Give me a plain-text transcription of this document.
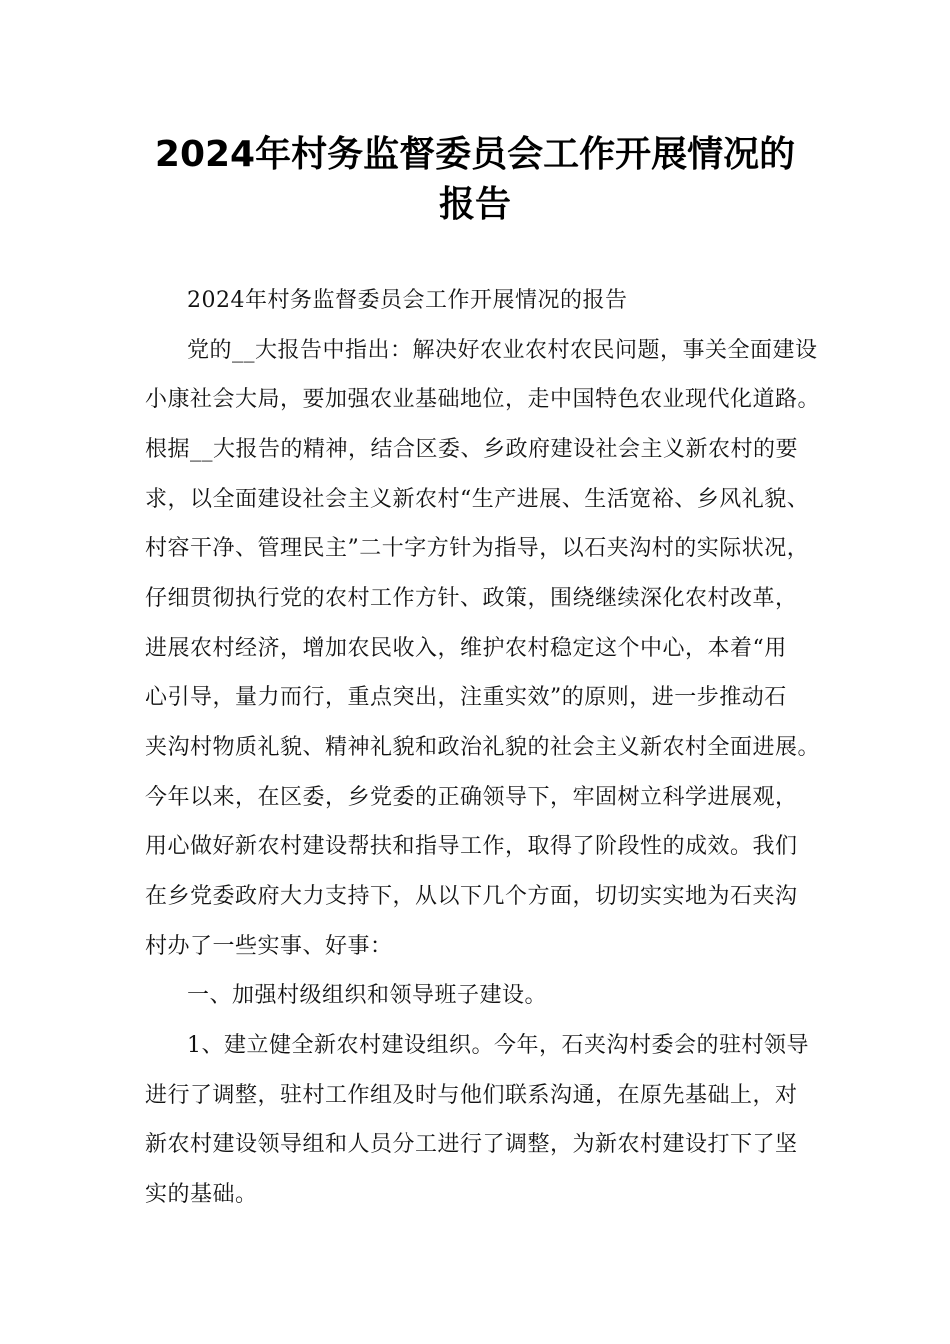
2024年村务监督委员会工作开展情况的
报告

2024年村务监督委员会工作开展情况的报告

党的__大报告中指出：解决好农业农村农民问题，事关全面建设

小康社会大局，要加强农业基础地位，走中国特色农业现代化道路。

根据__大报告的精神，结合区委、乡政府建设社会主义新农村的要

求，以全面建设社会主义新农村“生产进展、生活宽裕、乡风礼貌、

村容干净、管理民主”二十字方针为指导，以石夹沟村的实际状况，

仔细贯彻执行党的农村工作方针、政策，围绕继续深化农村改革，

进展农村经济，增加农民收入，维护农村稳定这个中心，本着“用

心引导，量力而行，重点突出，注重实效”的原则，进一步推动石

夹沟村物质礼貌、精神礼貌和政治礼貌的社会主义新农村全面进展。

今年以来，在区委，乡党委的正确领导下，牢固树立科学进展观，

用心做好新农村建设帮扶和指导工作，取得了阶段性的成效。我们

在乡党委政府大力支持下，从以下几个方面，切切实实地为石夹沟

村办了一些实事、好事：

一、加强村级组织和领导班子建设。

1、建立健全新农村建设组织。今年，石夹沟村委会的驻村领导

进行了调整，驻村工作组及时与他们联系沟通，在原先基础上，对

新农村建设领导组和人员分工进行了调整，为新农村建设打下了坚

实的基础。
